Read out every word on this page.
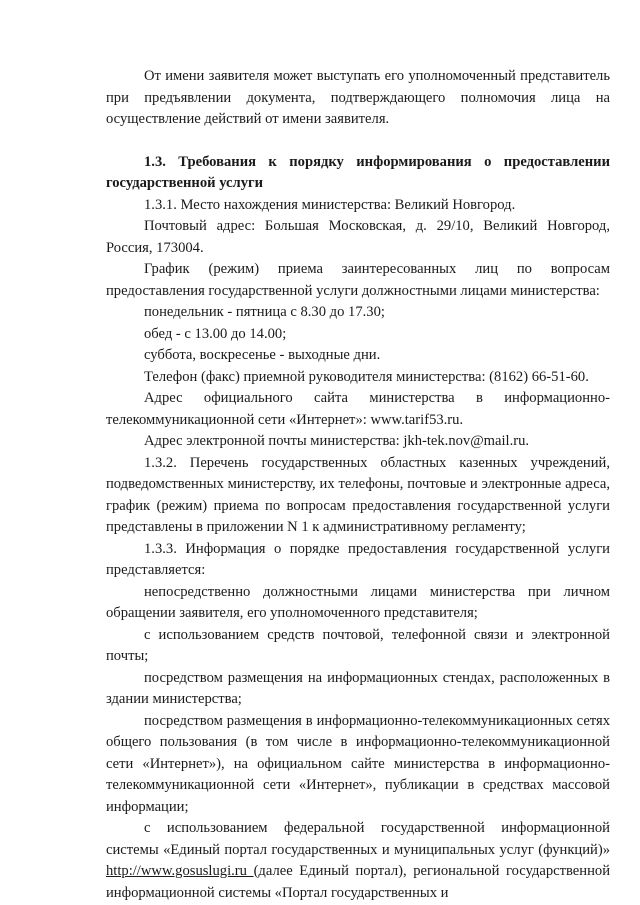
От имени заявителя может выступать его уполномоченный представитель при предъявлении документа, подтверждающего полномочия лица на осуществление действий от имени заявителя.

1.3. Требования к порядку информирования о предоставлении государственной услуги

1.3.1. Место нахождения министерства: Великий Новгород.

Почтовый адрес: Большая Московская, д. 29/10, Великий Новгород, Россия, 173004.

График (режим) приема заинтересованных лиц по вопросам предоставления государственной услуги должностными лицами министерства:

понедельник - пятница с 8.30 до 17.30;

обед - с 13.00 до 14.00;

суббота, воскресенье - выходные дни.

Телефон (факс) приемной руководителя министерства: (8162) 66-51-60.

Адрес официального сайта министерства в информационно-телекоммуникационной сети «Интернет»: www.tarif53.ru.

Адрес электронной почты министерства: jkh-tek.nov@mail.ru.

1.3.2. Перечень государственных областных казенных учреждений, подведомственных министерству, их телефоны, почтовые и электронные адреса, график (режим) приема по вопросам предоставления государственной услуги представлены в приложении N 1 к административному регламенту;

1.3.3. Информация о порядке предоставления государственной услуги представляется:

непосредственно должностными лицами министерства при личном обращении заявителя, его уполномоченного представителя;

с использованием средств почтовой, телефонной связи и электронной почты;

посредством размещения на информационных стендах, расположенных в здании министерства;

посредством размещения в информационно-телекоммуникационных сетях общего пользования (в том числе в информационно-телекоммуникационной сети «Интернет»), на официальном сайте министерства в информационно-телекоммуникационной сети «Интернет», публикации в средствах массовой информации;

с использованием федеральной государственной информационной системы «Единый портал государственных и муниципальных услуг (функций)» http://www.gosuslugi.ru (далее Единый портал), региональной государственной информационной системы «Портал государственных и
